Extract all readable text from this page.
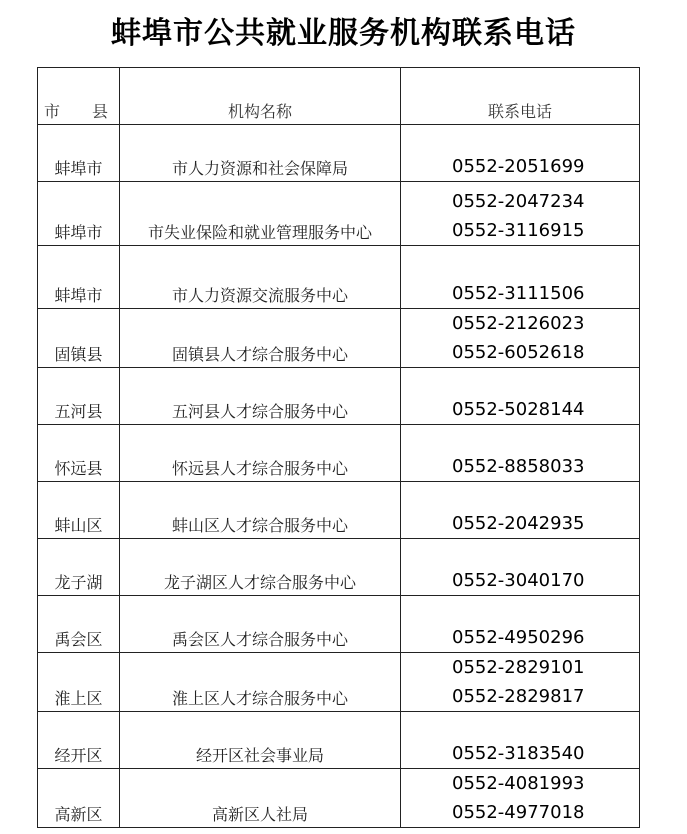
蚌埠市公共就业服务机构联系电话
市　　县	机构名称	联系电话
蚌埠市	市人力资源和社会保障局	0552-2051699

蚌埠市	市失业保险和就业管理服务中心	0552-2047234
0552-3116915

蚌埠市	市人力资源交流服务中心	0552-3111506

固镇县	固镇县人才综合服务中心	0552-2126023
0552-6052618

五河县	五河县人才综合服务中心	0552-5028144

怀远县	怀远县人才综合服务中心	0552-8858033

蚌山区	蚌山区人才综合服务中心	0552-2042935

龙子湖	龙子湖区人才综合服务中心	0552-3040170

禹会区	禹会区人才综合服务中心	0552-4950296

淮上区	淮上区人才综合服务中心	0552-2829101
0552-2829817

经开区	经开区社会事业局	0552-3183540

高新区	高新区人社局	0552-4081993
0552-4977018
